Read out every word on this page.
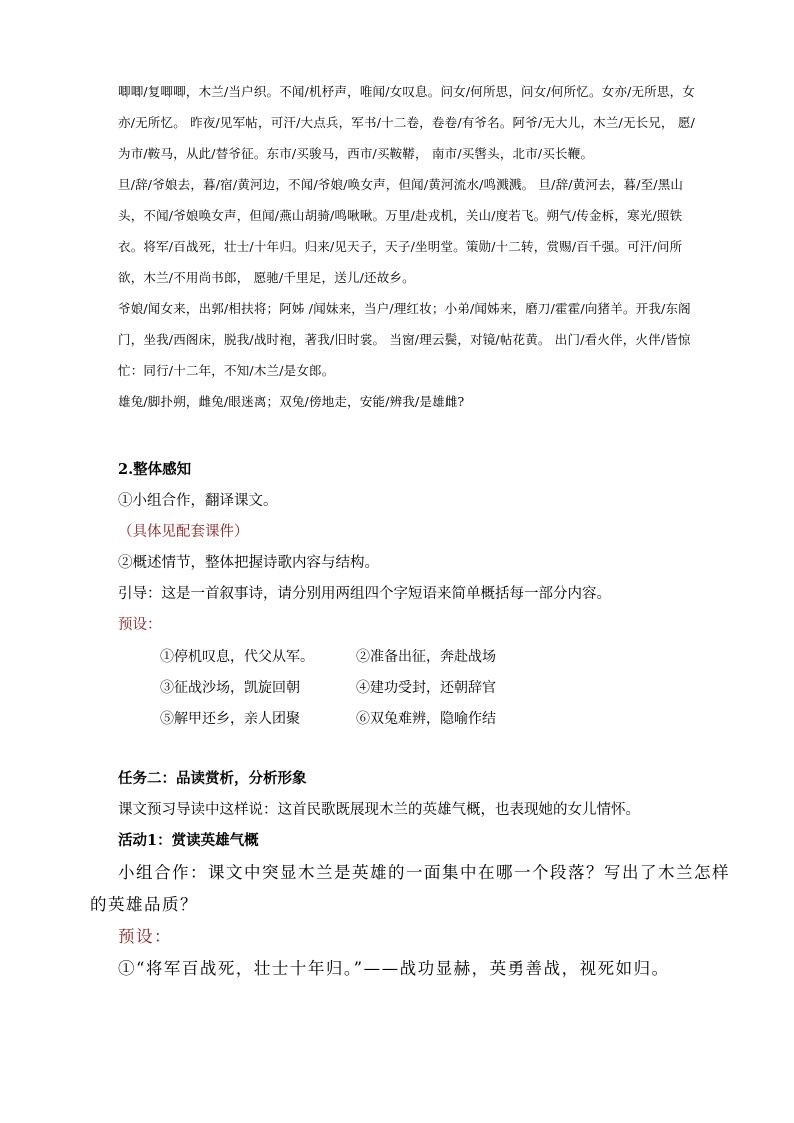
唧唧/复唧唧，木兰/当户织。不闻/机杼声，唯闻/女叹息。问女/何所思，问女/何所忆。女亦/无所思，女亦/无所忆。 昨夜/见军帖，可汗/大点兵，军书/十二卷，卷卷/有爷名。阿爷/无大儿，木兰/无长兄， 愿/为市/鞍马，从此/替爷征。东市/买骏马，西市/买鞍鞯， 南市/买辔头，北市/买长鞭。

旦/辞/爷娘去，暮/宿/黄河边，不闻/爷娘/唤女声，但闻/黄河流水/鸣溅溅。 旦/辞/黄河去，暮/至/黑山头，不闻/爷娘唤女声，但闻/燕山胡骑/鸣啾啾。万里/赴戎机，关山/度若飞。朔气/传金柝，寒光/照铁衣。将军/百战死，壮士/十年归。归来/见天子，天子/坐明堂。策勋/十二转，赏赐/百千强。可汗/问所欲，木兰/不用尚书郎， 愿驰/千里足，送儿/还故乡。

爷娘/闻女来，出郭/相扶将；阿姊 /闻妹来，当户/理红妆；小弟/闻姊来，磨刀/霍霍/向猪羊。开我/东阁门，坐我/西阁床，脱我/战时袍，著我/旧时裳。 当窗/理云鬓，对镜/帖花黄。 出门/看火伴，火伴/皆惊忙：同行/十二年，不知/木兰/是女郎。

雄兔/脚扑朔，雌兔/眼迷离；双兔/傍地走，安能/辨我/是雄雌?

2.整体感知
①小组合作，翻译课文。
（具体见配套课件）
②概述情节，整体把握诗歌内容与结构。
引导：这是一首叙事诗，请分别用两组四个字短语来简单概括每一部分内容。
预设：
①停机叹息，代父从军。	②准备出征，奔赴战场
③征战沙场，凯旋回朝	④建功受封，还朝辞官
⑤解甲还乡，亲人团聚	⑥双兔难辨，隐喻作结
任务二：品读赏析，分析形象
课文预习导读中这样说：这首民歌既展现木兰的英雄气概，也表现她的女儿情怀。
活动1：赏读英雄气概
小组合作：课文中突显木兰是英雄的一面集中在哪一个段落？写出了木兰怎样
的英雄品质？
预设：
①“将军百战死，壮士十年归。”——战功显赫，英勇善战，视死如归。
